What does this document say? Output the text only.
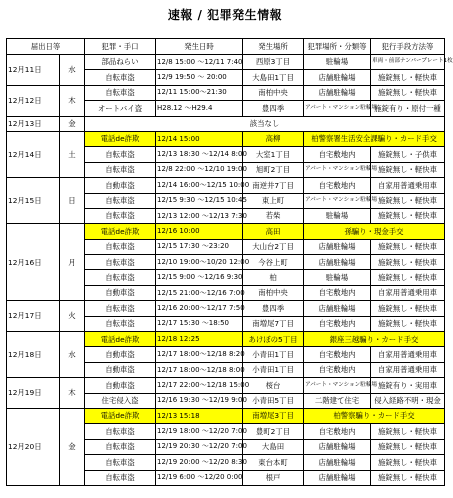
速報 / 犯罪発生情報
届出日等		犯罪・手口	発生日時	発生場所	犯罪場所・分類等	犯行手段方法等
12月11日	水	部品ねらい	12/8 15:00 ～12/11 7:40	西原3丁目	駐輪場	車両・前部ナンバープレート1枚
		自転車盗	12/9 19:50 ～ 20:00	大島田1丁目	店舗駐輪場	施錠無し・軽快車
12月12日	木	自転車盗	12/11 15:00～21:30	南柏中央	店舗駐輪場	施錠無し・軽快車
		オートバイ盗	H28.12 ～H29.4	豊四季	アパート・マンション駐輪場	施錠有り・原付一種
12月13日	金	該当なし				
12月14日	土	電話de詐欺	12/14 15:00	高柳	柏警察署生活安全課騙り・カード手交	
		自転車盗	12/13 18:30 ～12/14 8:00	大室1丁目	自宅敷地内	施錠無し・子供車
		自転車盗	12/8 22:00 ～12/10 19:00	旭町2丁目	アパート・マンション駐輪場	施錠無し・軽快車
12月15日	日	自動車盗	12/14 16:00～12/15 10:00	南逆井7丁目	自宅敷地内	自家用普通乗用車
		自転車盗	12/15 9:30 ～12/15 10:45	東上町	アパート・マンション駐輪場	施錠無し・軽快車
		自転車盗	12/13 12:00 ～12/13 7:30	若柴	駐輪場	施錠無し・軽快車
12月16日	月	電話de詐欺	12/16 10:00	高田	孫騙り・現金手交	
		自転車盗	12/15 17:30 ～23:20	大山台2丁目	店舗駐輪場	施錠無し・軽快車
		自転車盗	12/10 19:00～10/20 12:00	今谷上町	店舗駐輪場	施錠無し・軽快車
		自転車盗	12/15 9:00 ～12/16 9:30	柏	駐輪場	施錠無し・軽快車
		自動車盗	12/15 21:00～12/16 7:00	南柏中央	自宅敷地内	自家用普通乗用車
12月17日	火	自転車盗	12/16 20:00～12/17 7:50	豊四季	店舗駐輪場	施錠無し・軽快車
		自転車盗	12/17 15:30 ～18:50	南増尾7丁目	自宅敷地内	施錠無し・軽快車
12月18日	水	電話de詐欺	12/18 12:25	あけぼの5丁目	銀座三越騙り・カード手交	
		自動車盗	12/17 18:00～12/18 8:20	小青田1丁目	自宅敷地内	自家用普通乗用車
		自動車盗	12/17 18:00～12/18 8:00	小青田1丁目	自宅敷地内	自家用普通乗用車
12月19日	木	自動車盗	12/17 22:00～12/18 15:00	桜台	アパート・マンション駐輪場	施錠有り・実用車
		住宅侵入盗	12/16 19:30 ～12/19 9:00	小青田5丁目	二階建て住宅	侵入経路不明・現金
12月20日	金	電話de詐欺	12/13 15:18	南増尾3丁目	柏警察騙り・カード手交	
		自転車盗	12/19 18:00 ～12/20 7:00	豊町2丁目	自宅敷地内	施錠無し・軽快車
		自転車盗	12/19 20:30 ～12/20 7:00	大島田	店舗駐輪場	施錠無し・軽快車
		自転車盗	12/19 20:00 ～12/20 8:30	東台本町	店舗駐輪場	施錠無し・軽快車
		自転車盗	12/19 6:00 ～12/20 0:00	根戸	店舗駐輪場	施錠無し・軽快車
